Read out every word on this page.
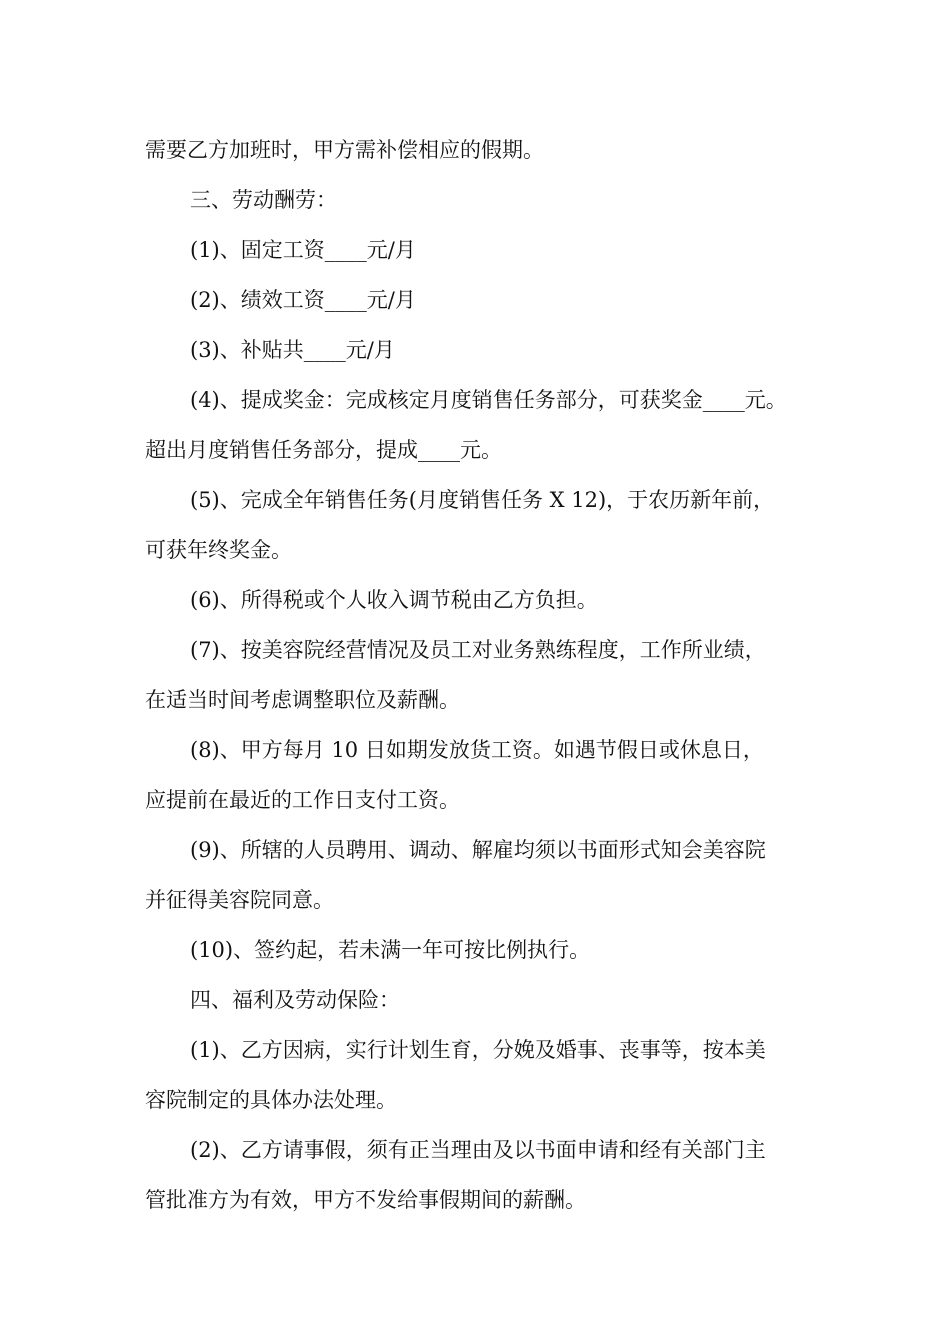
需要乙方加班时，甲方需补偿相应的假期。

三、劳动酬劳：

(1)、固定工资____元/月

(2)、绩效工资____元/月

(3)、补贴共____元/月

(4)、提成奖金：完成核定月度销售任务部分，可获奖金____元。

超出月度销售任务部分，提成____元。

(5)、完成全年销售任务(月度销售任务 X 12)，于农历新年前，

可获年终奖金。

(6)、所得税或个人收入调节税由乙方负担。

(7)、按美容院经营情况及员工对业务熟练程度，工作所业绩，

在适当时间考虑调整职位及薪酬。

(8)、甲方每月 10 日如期发放货工资。如遇节假日或休息日，

应提前在最近的工作日支付工资。

(9)、所辖的人员聘用、调动、解雇均须以书面形式知会美容院

并征得美容院同意。

(10)、签约起，若未满一年可按比例执行。

四、福利及劳动保险：

(1)、乙方因病，实行计划生育，分娩及婚事、丧事等，按本美

容院制定的具体办法处理。

(2)、乙方请事假，须有正当理由及以书面申请和经有关部门主

管批准方为有效，甲方不发给事假期间的薪酬。
